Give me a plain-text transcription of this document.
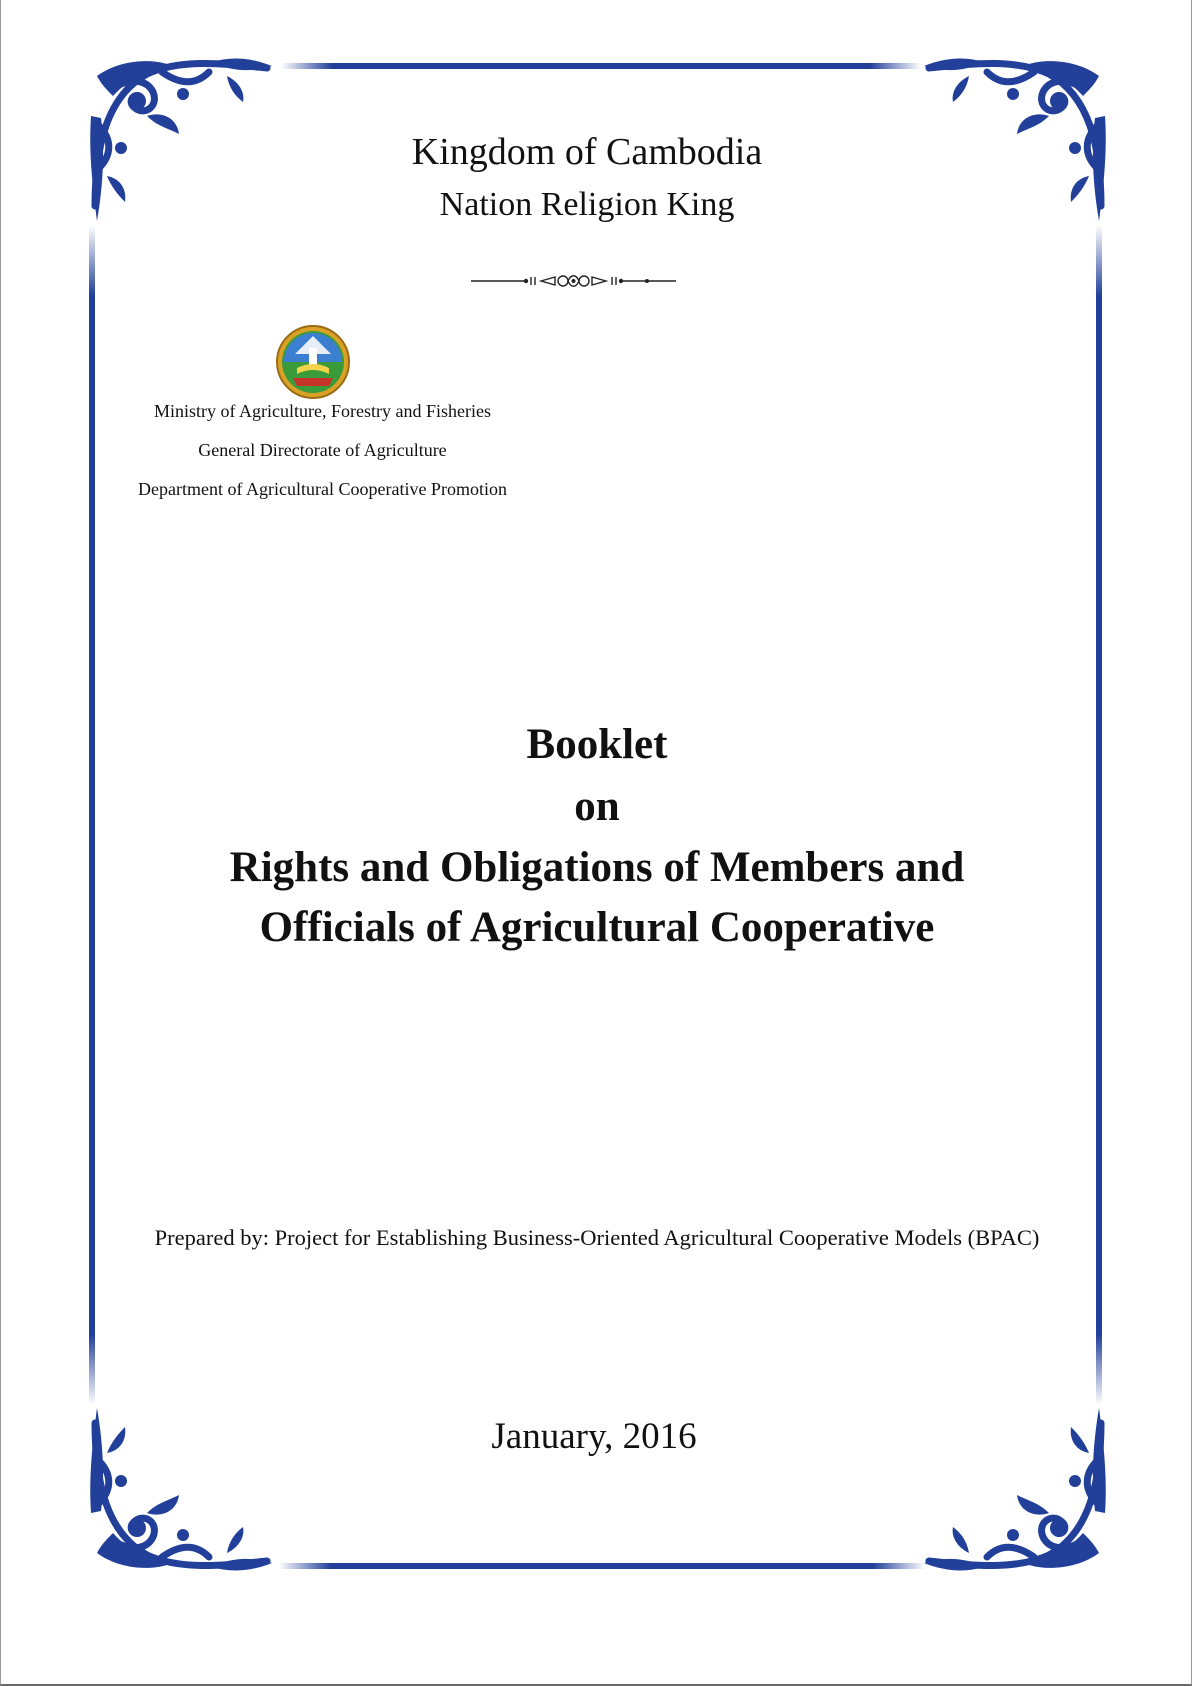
Kingdom of Cambodia
Nation Religion King
Ministry of Agriculture, Forestry and Fisheries
General Directorate of Agriculture
Department of Agricultural Cooperative Promotion
Booklet
on
Rights and Obligations of Members and
Officials of Agricultural Cooperative
Prepared by: Project for Establishing Business-Oriented Agricultural Cooperative Models (BPAC)
January, 2016
